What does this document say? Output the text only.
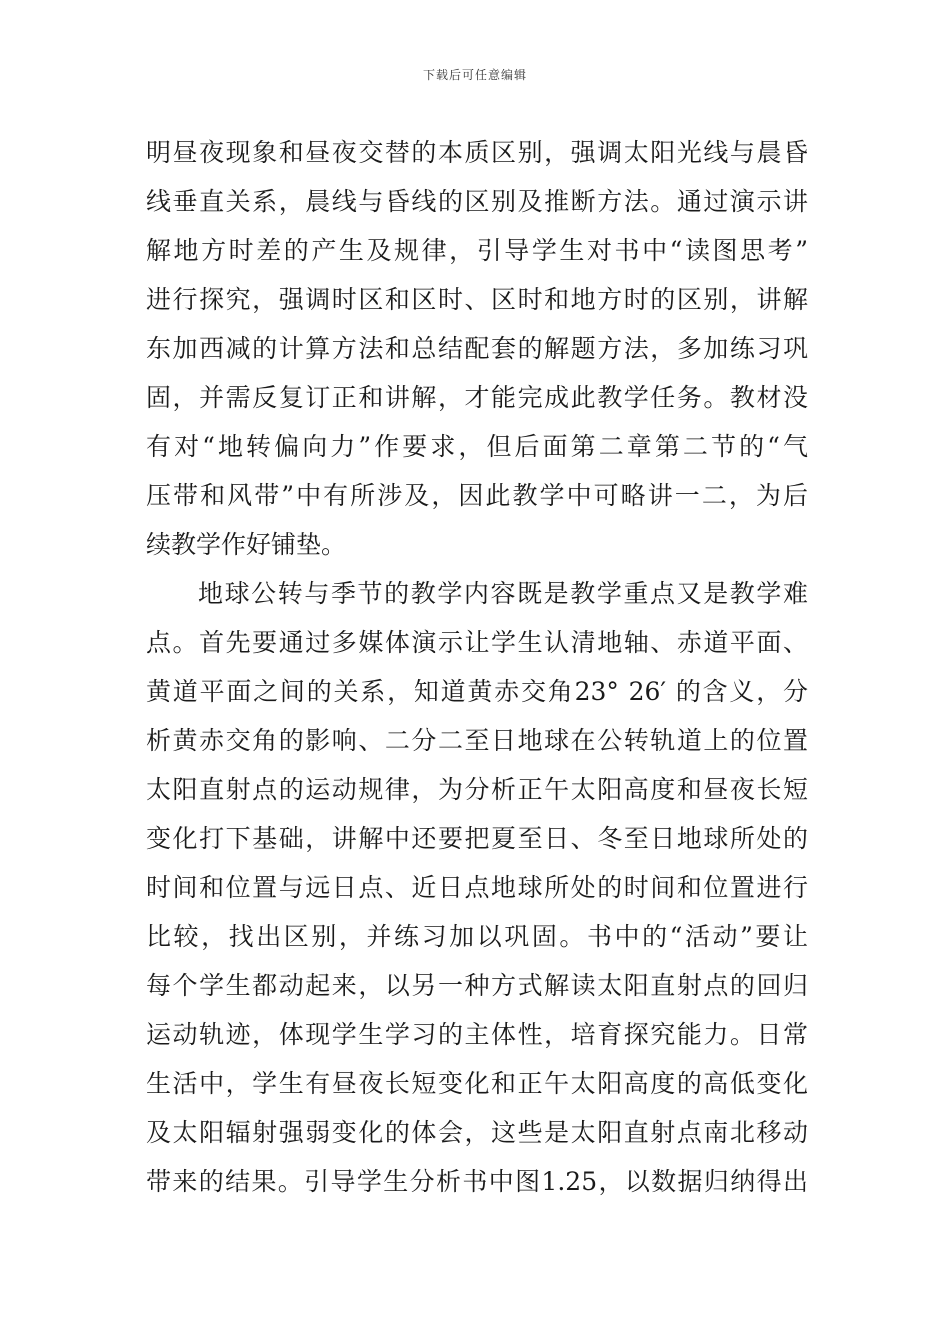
下载后可任意编辑
明昼夜现象和昼夜交替的本质区别，强调太阳光线与晨昏
线垂直关系，晨线与昏线的区别及推断方法。通过演示讲
解地方时差的产生及规律，引导学生对书中“读图思考”
进行探究，强调时区和区时、区时和地方时的区别，讲解
东加西减的计算方法和总结配套的解题方法，多加练习巩
固，并需反复订正和讲解，才能完成此教学任务。教材没
有对“地转偏向力”作要求，但后面第二章第二节的“气
压带和风带”中有所涉及，因此教学中可略讲一二，为后
续教学作好铺垫。
地球公转与季节的教学内容既是教学重点又是教学难
点。首先要通过多媒体演示让学生认清地轴、赤道平面、
黄道平面之间的关系，知道黄赤交角23° 26′ 的含义，分
析黄赤交角的影响、二分二至日地球在公转轨道上的位置
太阳直射点的运动规律，为分析正午太阳高度和昼夜长短
变化打下基础，讲解中还要把夏至日、冬至日地球所处的
时间和位置与远日点、近日点地球所处的时间和位置进行
比较，找出区别，并练习加以巩固。书中的“活动”要让
每个学生都动起来，以另一种方式解读太阳直射点的回归
运动轨迹，体现学生学习的主体性，培育探究能力。日常
生活中，学生有昼夜长短变化和正午太阳高度的高低变化
及太阳辐射强弱变化的体会，这些是太阳直射点南北移动
带来的结果。引导学生分析书中图1.25，以数据归纳得出
